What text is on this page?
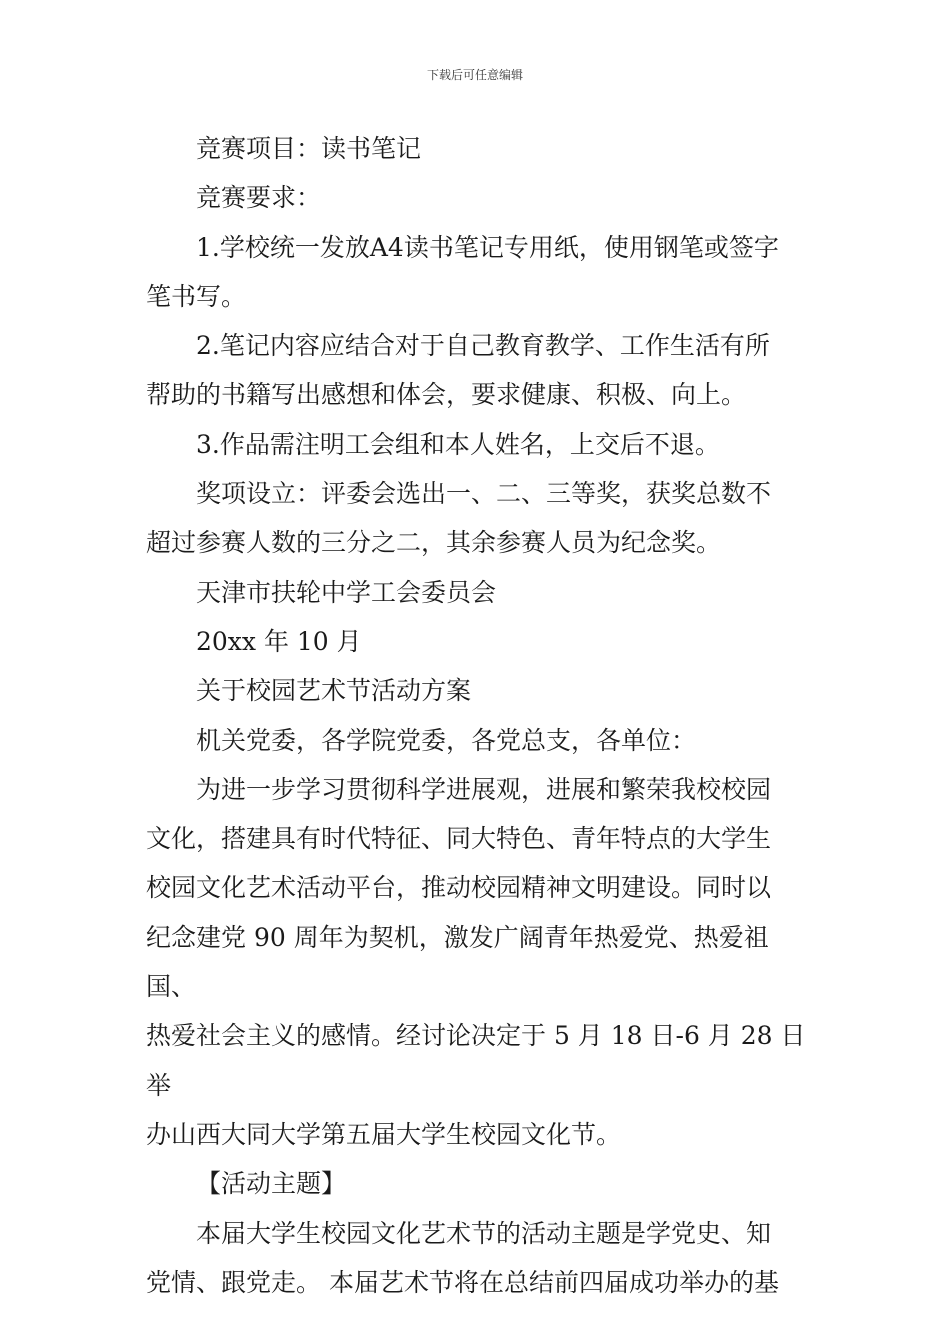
下载后可任意编辑

竞赛项目：读书笔记

竞赛要求：

1.学校统一发放A4读书笔记专用纸，使用钢笔或签字

笔书写。

2.笔记内容应结合对于自己教育教学、工作生活有所

帮助的书籍写出感想和体会，要求健康、积极、向上。

3.作品需注明工会组和本人姓名，上交后不退。

奖项设立：评委会选出一、二、三等奖，获奖总数不

超过参赛人数的三分之二，其余参赛人员为纪念奖。

天津市扶轮中学工会委员会

20xx 年 10 月

关于校园艺术节活动方案

机关党委，各学院党委，各党总支，各单位：

为进一步学习贯彻科学进展观，进展和繁荣我校校园

文化，搭建具有时代特征、同大特色、青年特点的大学生

校园文化艺术活动平台，推动校园精神文明建设。同时以

纪念建党 90 周年为契机，激发广阔青年热爱党、热爱祖国、

热爱社会主义的感情。经讨论决定于 5 月 18 日-6 月 28 日举

办山西大同大学第五届大学生校园文化节。

【活动主题】

本届大学生校园文化艺术节的活动主题是学党史、知

党情、跟党走。 本届艺术节将在总结前四届成功举办的基
